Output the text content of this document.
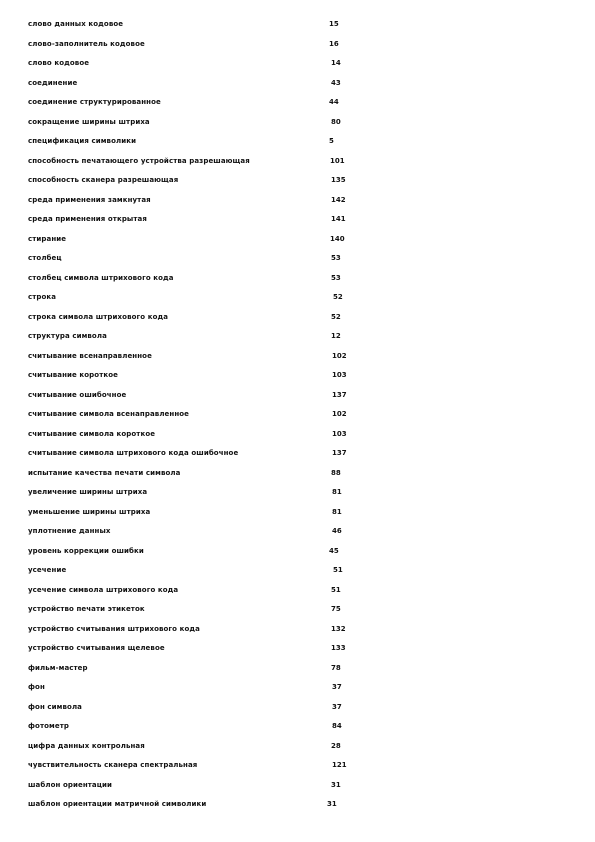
слово данных кодовое	15
слово-заполнитель кодовое	16
слово кодовое	14
соединение	43
соединение структурированное	44
сокращение ширины штриха	80
спецификация символики	5
способность печатающего устройства разрешающая	101
способность сканера разрешающая	135
среда применения замкнутая	142
среда применения открытая	141
стирание	140
столбец	53
столбец символа штрихового кода	53
строка	52
строка символа штрихового кода	52
структура символа	12
считывание всенаправленное	102
считывание короткое	103
считывание ошибочное	137
считывание символа всенаправленное	102
считывание символа короткое	103
считывание символа штрихового кода ошибочное	137
испытание качества печати символа	88
увеличение ширины штриха	81
уменьшение ширины штриха	81
уплотнение данных	46
уровень коррекции ошибки	45
усечение	51
усечение символа штрихового кода	51
устройство печати этикеток	75
устройство считывания штрихового кода	132
устройство считывания щелевое	133
фильм-мастер	78
фон	37
фон символа	37
фотометр	84
цифра данных контрольная	28
чувствительность сканера спектральная	121
шаблон ориентации	31
шаблон ориентации матричной символики	31
